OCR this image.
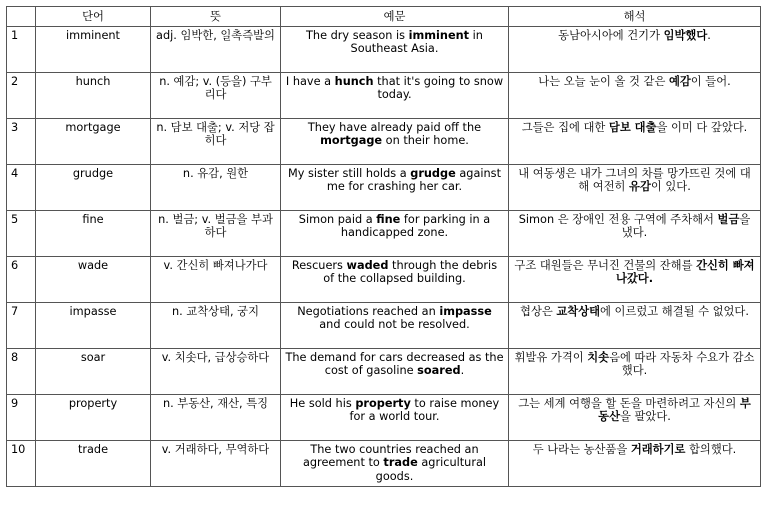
	단어	뜻	예문	해석
1	imminent	adj. 임박한, 일촉즉발의	The dry season is imminent in Southeast Asia.	동남아시아에 건기가 임박했다.
2	hunch	n. 예감; v. (등을) 구부리다	I have a hunch that it's going to snow today.	나는 오늘 눈이 올 것 같은 예감이 들어.
3	mortgage	n. 담보 대출; v. 저당 잡히다	They have already paid off the mortgage on their home.	그들은 집에 대한 담보 대출을 이미 다 갚았다.
4	grudge	n. 유감, 원한	My sister still holds a grudge against me for crashing her car.	내 여동생은 내가 그녀의 차를 망가뜨린 것에 대해 여전히 유감이 있다.
5	fine	n. 벌금; v. 벌금을 부과하다	Simon paid a fine for parking in a handicapped zone.	Simon 은 장애인 전용 구역에 주차해서 벌금을 냈다.
6	wade	v. 간신히 빠져나가다	Rescuers waded through the debris of the collapsed building.	구조 대원들은 무너진 건물의 잔해를 간신히 빠져나갔다.
7	impasse	n. 교착상태, 궁지	Negotiations reached an impasse and could not be resolved.	협상은 교착상태에 이르렀고 해결될 수 없었다.
8	soar	v. 치솟다, 급상승하다	The demand for cars decreased as the cost of gasoline soared.	휘발유 가격이 치솟음에 따라 자동차 수요가 감소했다.
9	property	n. 부동산, 재산, 특징	He sold his property to raise money for a world tour.	그는 세계 여행을 할 돈을 마련하려고 자신의 부동산을 팔았다.
10	trade	v. 거래하다, 무역하다	The two countries reached an agreement to trade agricultural goods.	두 나라는 농산품을 거래하기로 합의했다.
